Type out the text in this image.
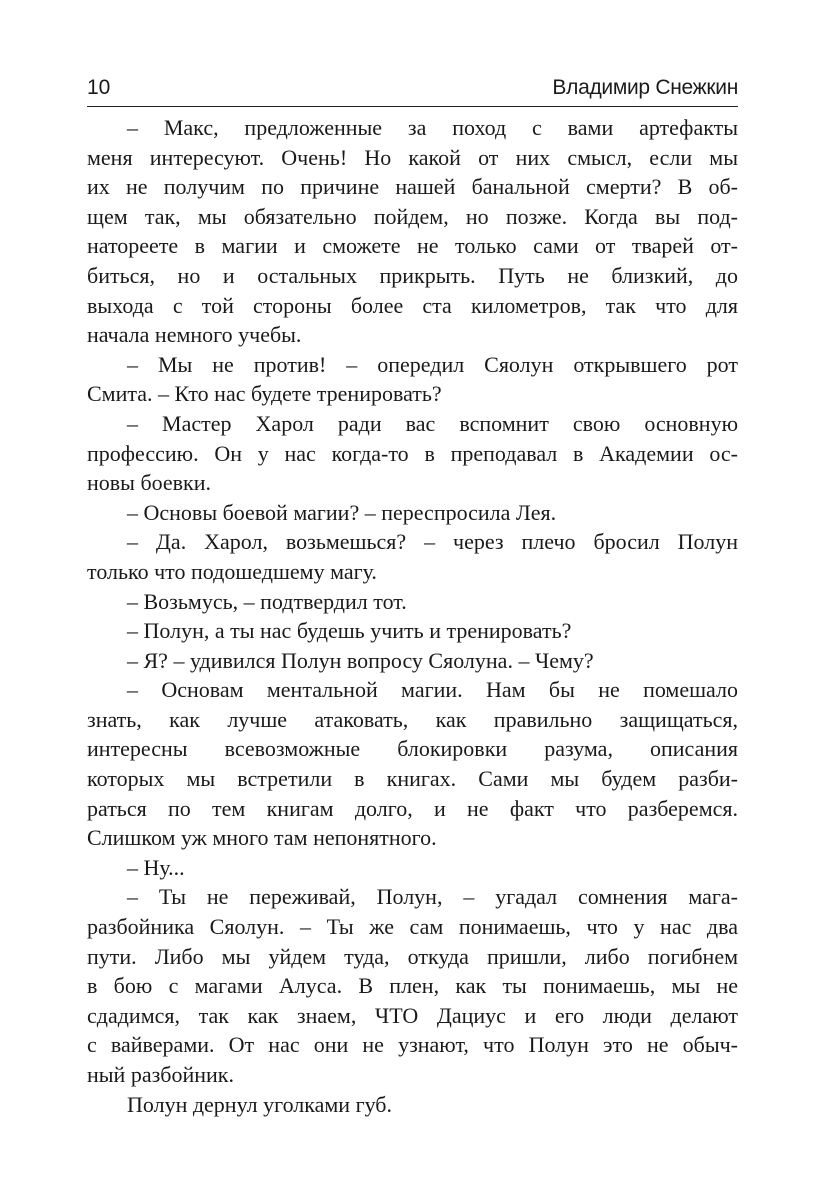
10	Владимир Снежкин
– Макс, предложенные за поход с вами артефакты
меня интересуют. Очень! Но какой от них смысл, если мы
их не получим по причине нашей банальной смерти? В об-
щем так, мы обязательно пойдем, но позже. Когда вы под-
натореете в магии и сможете не только сами от тварей от-
биться, но и остальных прикрыть. Путь не близкий, до
выхода с той стороны более ста километров, так что для
начала немного учебы.
– Мы не против! – опередил Сяолун открывшего рот
Смита. – Кто нас будете тренировать?
– Мастер Харол ради вас вспомнит свою основную
профессию. Он у нас когда-то в преподавал в Академии ос-
новы боевки.
– Основы боевой магии? – переспросила Лея.
– Да. Харол, возьмешься? – через плечо бросил Полун
только что подошедшему магу.
– Возьмусь, – подтвердил тот.
– Полун, а ты нас будешь учить и тренировать?
– Я? – удивился Полун вопросу Сяолуна. – Чему?
– Основам ментальной магии. Нам бы не помешало
знать, как лучше атаковать, как правильно защищаться,
интересны всевозможные блокировки разума, описания
которых мы встретили в книгах. Сами мы будем разби-
раться по тем книгам долго, и не факт что разберемся.
Слишком уж много там непонятного.
– Ну...
– Ты не переживай, Полун, – угадал сомнения мага-
разбойника Сяолун. – Ты же сам понимаешь, что у нас два
пути. Либо мы уйдем туда, откуда пришли, либо погибнем
в бою с магами Алуса. В плен, как ты понимаешь, мы не
сдадимся, так как знаем, ЧТО Дациус и его люди делают
с вайверами. От нас они не узнают, что Полун это не обыч-
ный разбойник.
Полун дернул уголками губ.
